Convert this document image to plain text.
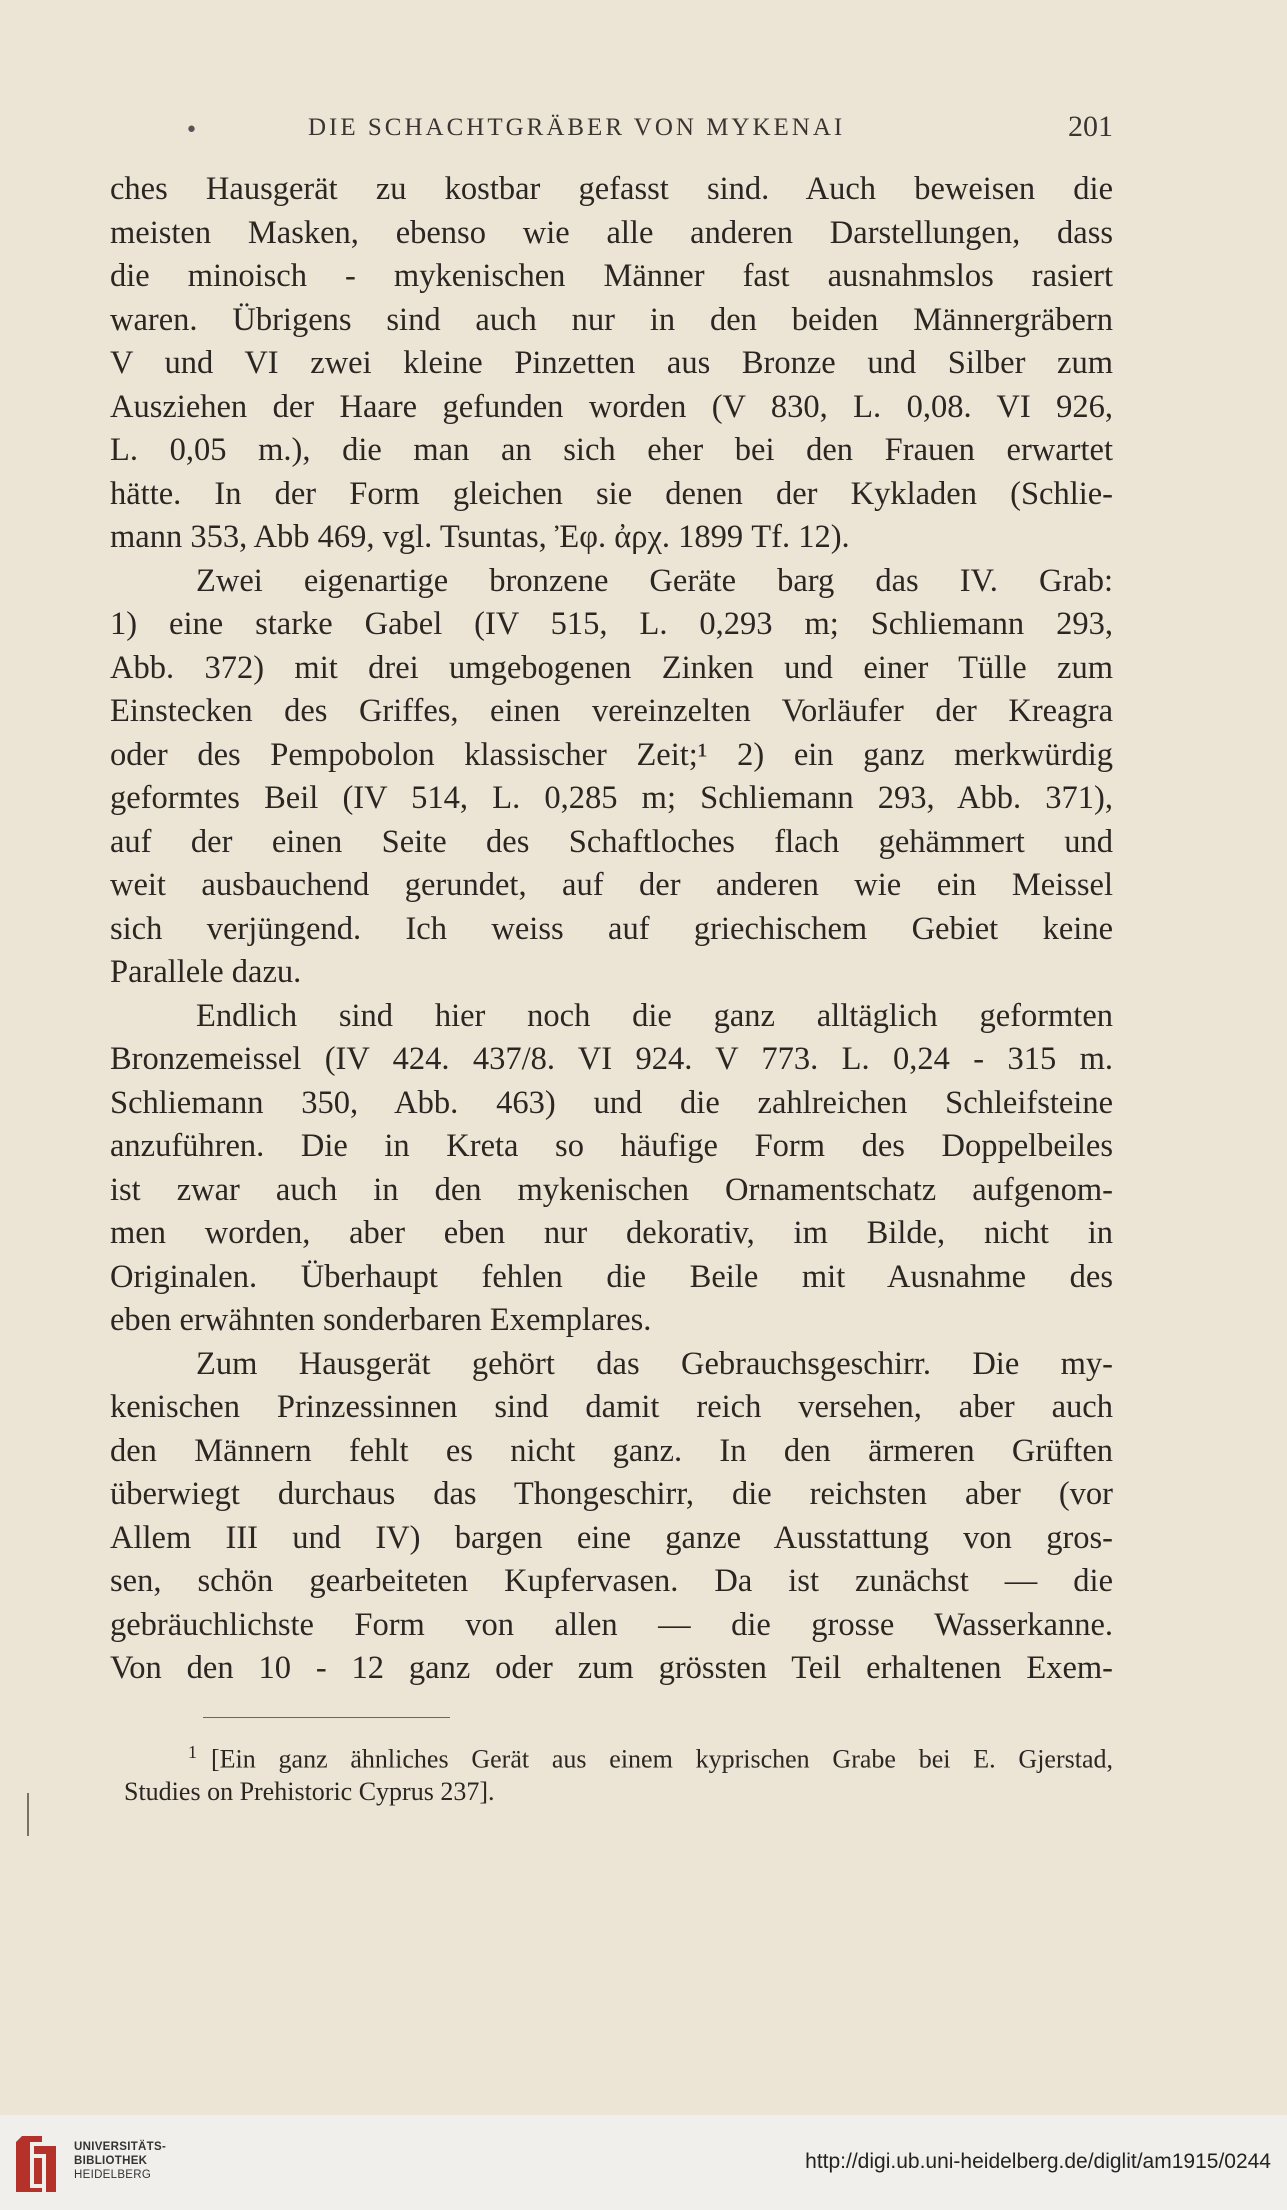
•	DIE SCHACHTGRÄBER VON MYKENAI	201
ches Hausgerät zu kostbar gefasst sind. Auch beweisen die
meisten Masken, ebenso wie alle anderen Darstellungen, dass
die minoisch - mykenischen Männer fast ausnahmslos rasiert
waren. Übrigens sind auch nur in den beiden Männergräbern
V und VI zwei kleine Pinzetten aus Bronze und Silber zum
Ausziehen der Haare gefunden worden (V 830, L. 0,08. VI 926,
L. 0,05 m.), die man an sich eher bei den Frauen erwartet
hätte. In der Form gleichen sie denen der Kykladen (Schlie-
mann 353, Abb 469, vgl. Tsuntas, Ἐφ. ἀρχ. 1899 Tf. 12).
Zwei eigenartige bronzene Geräte barg das IV. Grab:
1) eine starke Gabel (IV 515, L. 0,293 m; Schliemann 293,
Abb. 372) mit drei umgebogenen Zinken und einer Tülle zum
Einstecken des Griffes, einen vereinzelten Vorläufer der Kreagra
oder des Pempobolon klassischer Zeit;¹ 2) ein ganz merkwürdig
geformtes Beil (IV 514, L. 0,285 m; Schliemann 293, Abb. 371),
auf der einen Seite des Schaftloches flach gehämmert und
weit ausbauchend gerundet, auf der anderen wie ein Meissel
sich verjüngend. Ich weiss auf griechischem Gebiet keine
Parallele dazu.
Endlich sind hier noch die ganz alltäglich geformten
Bronzemeissel (IV 424. 437/8. VI 924. V 773. L. 0,24 - 315 m.
Schliemann 350, Abb. 463) und die zahlreichen Schleifsteine
anzuführen. Die in Kreta so häufige Form des Doppelbeiles
ist zwar auch in den mykenischen Ornamentschatz aufgenom-
men worden, aber eben nur dekorativ, im Bilde, nicht in
Originalen. Überhaupt fehlen die Beile mit Ausnahme des
eben erwähnten sonderbaren Exemplares.
Zum Hausgerät gehört das Gebrauchsgeschirr. Die my-
kenischen Prinzessinnen sind damit reich versehen, aber auch
den Männern fehlt es nicht ganz. In den ärmeren Grüften
überwiegt durchaus das Thongeschirr, die reichsten aber (vor
Allem III und IV) bargen eine ganze Ausstattung von gros-
sen, schön gearbeiteten Kupfervasen. Da ist zunächst — die
gebräuchlichste Form von allen — die grosse Wasserkanne.
Von den 10 - 12 ganz oder zum grössten Teil erhaltenen Exem-
$^1$ [Ein ganz ähnliches Gerät aus einem kyprischen Grabe bei E. Gjerstad,
Studies on Prehistoric Cyprus 237].
UNIVERSITÄTS-
BIBLIOTHEK
HEIDELBERG
http://digi.ub.uni-heidelberg.de/diglit/am1915/0244
